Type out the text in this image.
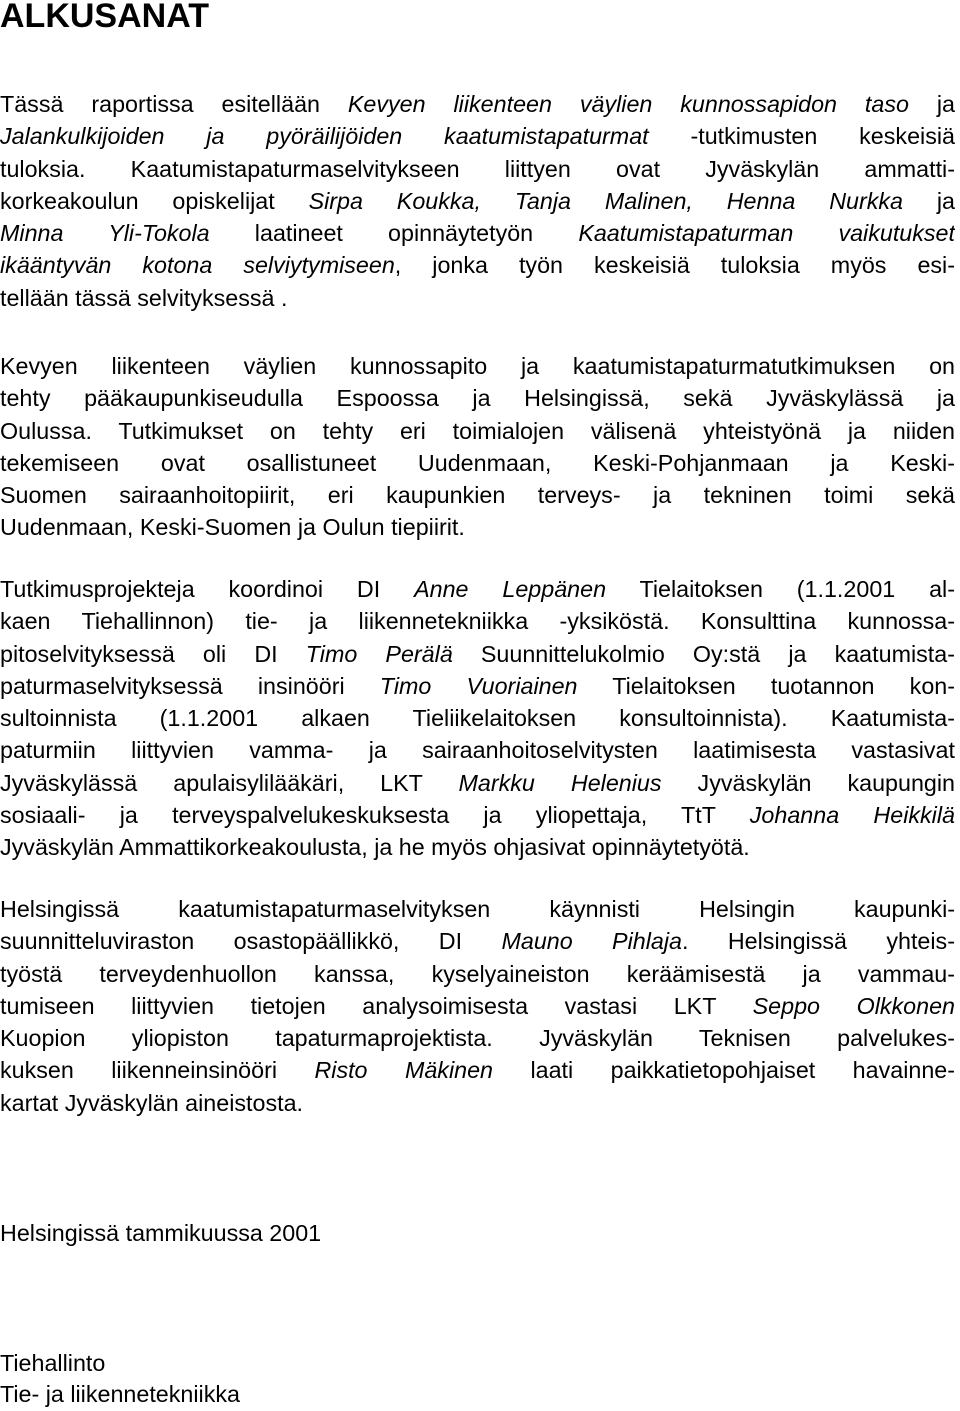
ALKUSANAT
Tässä raportissa esitellään Kevyen liikenteen väylien kunnossapidon taso ja
Jalankulkijoiden ja pyöräilijöiden kaatumistapaturmat -tutkimusten keskeisiä
tuloksia. Kaatumistapaturmaselvitykseen liittyen ovat Jyväskylän ammatti-
korkeakoulun opiskelijat Sirpa Koukka, Tanja Malinen, Henna Nurkka ja
Minna Yli-Tokola laatineet opinnäytetyön Kaatumistapaturman vaikutukset
ikääntyvän kotona selviytymiseen, jonka työn keskeisiä tuloksia myös esi-
tellään tässä selvityksessä .
Kevyen liikenteen väylien kunnossapito ja kaatumistapaturmatutkimuksen on
tehty pääkaupunkiseudulla Espoossa ja Helsingissä, sekä Jyväskylässä ja
Oulussa. Tutkimukset on tehty eri toimialojen välisenä yhteistyönä ja niiden
tekemiseen ovat osallistuneet Uudenmaan, Keski-Pohjanmaan ja Keski-
Suomen sairaanhoitopiirit, eri kaupunkien terveys- ja tekninen toimi sekä
Uudenmaan, Keski-Suomen ja Oulun tiepiirit.
Tutkimusprojekteja koordinoi DI Anne Leppänen Tielaitoksen (1.1.2001 al-
kaen Tiehallinnon) tie- ja liikennetekniikka -yksiköstä. Konsulttina kunnossa-
pitoselvityksessä oli DI Timo Perälä Suunnittelukolmio Oy:stä ja kaatumista-
paturmaselvityksessä insinööri Timo Vuoriainen Tielaitoksen tuotannon kon-
sultoinnista (1.1.2001 alkaen Tieliikelaitoksen konsultoinnista). Kaatumista-
paturmiin liittyvien vamma- ja sairaanhoitoselvitysten laatimisesta vastasivat
Jyväskylässä apulaisylilääkäri, LKT Markku Helenius Jyväskylän kaupungin
sosiaali- ja terveyspalvelukeskuksesta ja yliopettaja, TtT Johanna Heikkilä
Jyväskylän Ammattikorkeakoulusta, ja he myös ohjasivat opinnäytetyötä.
Helsingissä kaatumistapaturmaselvityksen käynnisti Helsingin kaupunki-
suunnitteluviraston osastopäällikkö, DI Mauno Pihlaja. Helsingissä yhteis-
työstä terveydenhuollon kanssa, kyselyaineiston keräämisestä ja vammau-
tumiseen liittyvien tietojen analysoimisesta vastasi LKT Seppo Olkkonen
Kuopion yliopiston tapaturmaprojektista. Jyväskylän Teknisen palvelukes-
kuksen liikenneinsinööri Risto Mäkinen laati paikkatietopohjaiset havainne-
kartat Jyväskylän aineistosta.

Helsingissä tammikuussa 2001

Tiehallinto

Tie- ja liikennetekniikka
